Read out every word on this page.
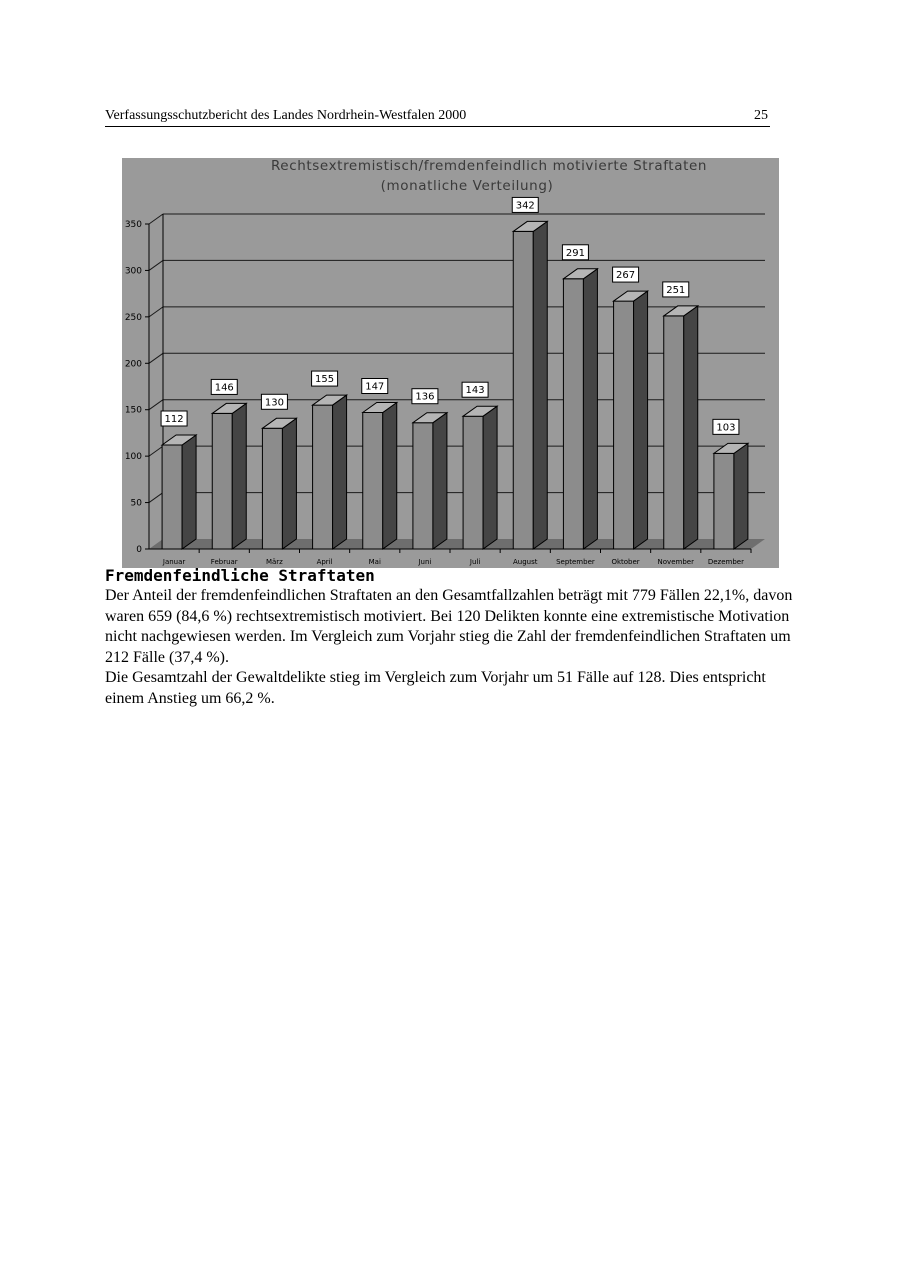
Verfassungsschutzbericht des Landes Nordrhein-Westfalen 2000	25
Rechtsextremistisch/fremdenfeindlich motivierte Straftaten
(monatliche Verteilung)
0
50
100
150
200
250
300
350
112
Januar
146
Februar
130
März
155
April
147
Mai
136
Juni
143
Juli
342
August
291
September
267
Oktober
251
November
103
Dezember
Fremdenfeindliche Straftaten

Der Anteil der fremdenfeindlichen Straftaten an den Gesamtfallzahlen beträgt mit 779 Fällen 22,1%, davon waren 659 (84,6 %) rechtsextremistisch motiviert. Bei 120 Delikten konnte eine extremistische Motivation nicht nachgewiesen werden. Im Vergleich zum Vorjahr stieg die Zahl der fremdenfeindlichen Straftaten um 212 Fälle (37,4 %).

Die Gesamtzahl der Gewaltdelikte stieg im Vergleich zum Vorjahr um 51 Fälle auf 128. Dies entspricht einem Anstieg um 66,2 %.
